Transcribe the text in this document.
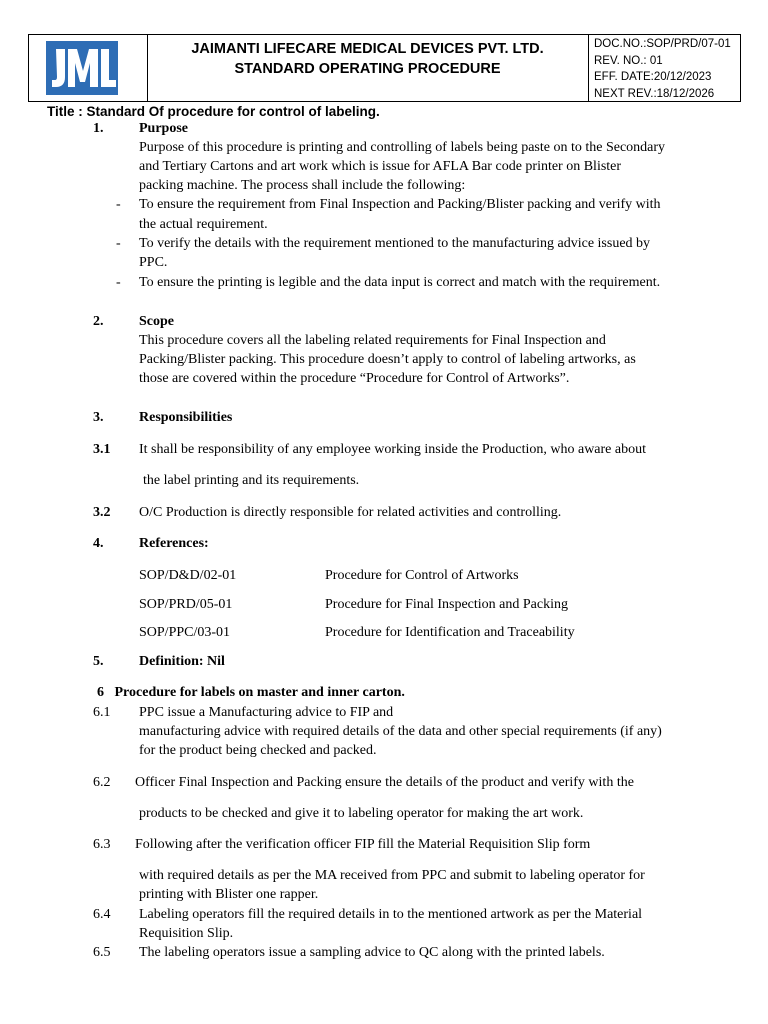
JAIMANTI LIFECARE MEDICAL DEVICES PVT. LTD.
STANDARD OPERATING PROCEDURE
DOC.NO.:SOP/PRD/07-01
REV. NO.: 01
EFF. DATE:20/12/2023
NEXT REV.:18/12/2026
Title : Standard Of procedure for control of labeling.
1.	Purpose
Purpose of this procedure is printing and controlling of labels being paste on to the Secondary
and Tertiary Cartons and art work which is issue for AFLA Bar code printer on Blister
packing machine. The process shall include the following:
- To ensure the requirement from Final Inspection and Packing/Blister packing and verify with
the actual requirement.
- To verify the details with the requirement mentioned to the manufacturing advice issued by
PPC.
- To ensure the printing is legible and the data input is correct and match with the requirement.
2.	Scope
This procedure covers all the labeling related requirements for Final Inspection and
Packing/Blister packing. This procedure doesn’t apply to control of labeling artworks, as
those are covered within the procedure “Procedure for Control of Artworks”.
3.	Responsibilities
3.1 It shall be responsibility of any employee working inside the Production, who aware about
the label printing and its requirements.
3.2 O/C Production is directly responsible for related activities and controlling.
4.	References:
SOP/D&D/02-01	Procedure for Control of Artworks
SOP/PRD/05-01	Procedure for Final Inspection and Packing
SOP/PPC/03-01	Procedure for Identification and Traceability
5.	Definition: Nil
6   Procedure for labels on master and inner carton.
6.1 PPC issue a Manufacturing advice to FIP and
manufacturing advice with required details of the data and other special requirements (if any)
for the product being checked and packed.
6.2 Officer Final Inspection and Packing ensure the details of the product and verify with the
products to be checked and give it to labeling operator for making the art work.
6.3 Following after the verification officer FIP fill the Material Requisition Slip form
with required details as per the MA received from PPC and submit to labeling operator for
printing with Blister one rapper.
6.4 Labeling operators fill the required details in to the mentioned artwork as per the Material
Requisition Slip.
6.5 The labeling operators issue a sampling advice to QC along with the printed labels.
